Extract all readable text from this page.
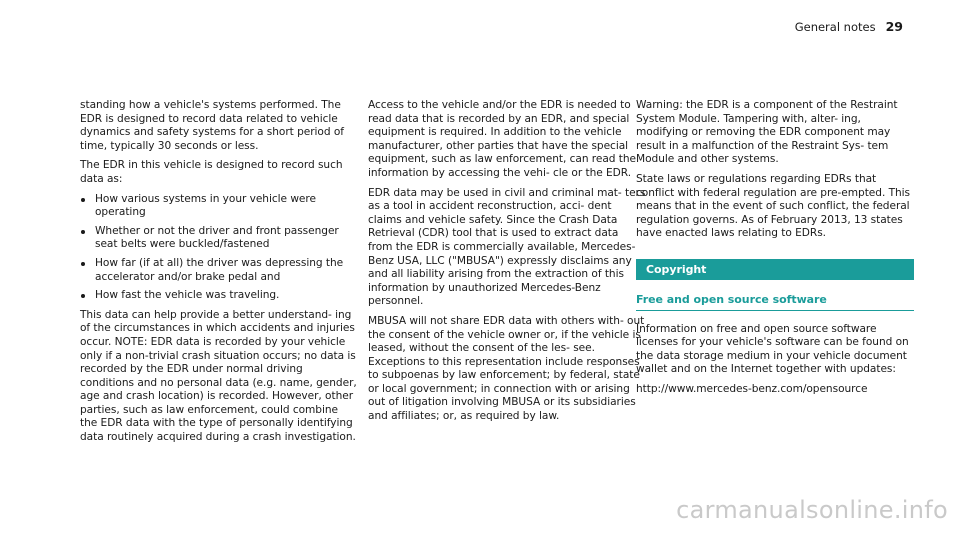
General notes 29

standing how a vehicle's systems performed. The EDR is designed to record data related to vehicle dynamics and safety systems for a short period of time, typically 30 seconds or less.

The EDR in this vehicle is designed to record such data as:

How various systems in your vehicle were operating
Whether or not the driver and front passenger seat belts were buckled/fastened
How far (if at all) the driver was depressing the accelerator and/or brake pedal and
How fast the vehicle was traveling.

This data can help provide a better understand- ing of the circumstances in which accidents and injuries occur. NOTE: EDR data is recorded by your vehicle only if a non-trivial crash situation occurs; no data is recorded by the EDR under normal driving conditions and no personal data (e.g. name, gender, age and crash location) is recorded. However, other parties, such as law enforcement, could combine the EDR data with the type of personally identifying data routinely acquired during a crash investigation.

Access to the vehicle and/or the EDR is needed to read data that is recorded by an EDR, and special equipment is required. In addition to the vehicle manufacturer, other parties that have the special equipment, such as law enforcement, can read the information by accessing the vehi- cle or the EDR.

EDR data may be used in civil and criminal mat- ters as a tool in accident reconstruction, acci- dent claims and vehicle safety. Since the Crash Data Retrieval (CDR) tool that is used to extract data from the EDR is commercially available, Mercedes-Benz USA, LLC ("MBUSA") expressly disclaims any and all liability arising from the extraction of this information by unauthorized Mercedes-Benz personnel.

MBUSA will not share EDR data with others with- out the consent of the vehicle owner or, if the vehicle is leased, without the consent of the les- see. Exceptions to this representation include responses to subpoenas by law enforcement; by federal, state or local government; in connection with or arising out of litigation involving MBUSA or its subsidiaries and affiliates; or, as required by law.

Warning: the EDR is a component of the Restraint System Module. Tampering with, alter- ing, modifying or removing the EDR component may result in a malfunction of the Restraint Sys- tem Module and other systems.

State laws or regulations regarding EDRs that conflict with federal regulation are pre-empted. This means that in the event of such conflict, the federal regulation governs. As of February 2013, 13 states have enacted laws relating to EDRs.

Copyright
Free and open source software

Information on free and open source software licenses for your vehicle's software can be found on the data storage medium in your vehicle document wallet and on the Internet together with updates:

http://www.mercedes-benz.com/opensource

carmanualsonline.info
